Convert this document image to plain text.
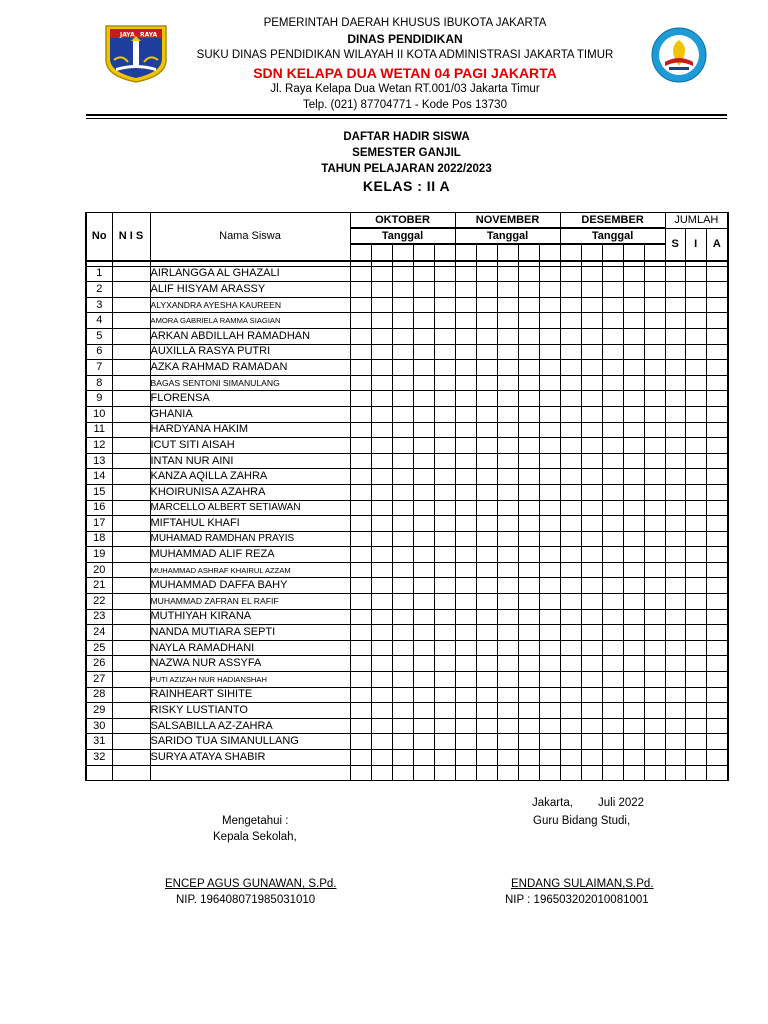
JAYA RAYA
PEMERINTAH DAERAH KHUSUS IBUKOTA JAKARTA
DINAS PENDIDIKAN
SUKU DINAS PENDIDIKAN WILAYAH II KOTA ADMINISTRASI JAKARTA TIMUR
SDN KELAPA DUA WETAN 04 PAGI JAKARTA
Jl. Raya Kelapa Dua Wetan RT.001/03 Jakarta Timur
Telp. (021) 87704771 - Kode Pos 13730
DAFTAR HADIR SISWA
SEMESTER GANJIL
TAHUN PELAJARAN 2022/2023
KELAS : II A
No	N I S	Nama Siswa	OKTOBER					NOVEMBER					DESEMBER					JUMLAH		
			Tanggal					Tanggal					Tanggal					S	I	A

1		AIRLANGGA AL GHAZALI																		
2		ALIF HISYAM ARASSY																		
3		ALYXANDRA AYESHA KAUREEN																		
4		AMORA GABRIELA RAMMA SIAGIAN																		
5		ARKAN ABDILLAH RAMADHAN																		
6		AUXILLA RASYA PUTRI																		
7		AZKA RAHMAD RAMADAN																		
8		BAGAS SENTONI SIMANULANG																		
9		FLORENSA																		
10		GHANIA																		
11		HARDYANA HAKIM																		
12		ICUT SITI AISAH																		
13		INTAN NUR AINI																		
14		KANZA AQILLA ZAHRA																		
15		KHOIRUNISA AZAHRA																		
16		MARCELLO ALBERT SETIAWAN																		
17		MIFTAHUL KHAFI																		
18		MUHAMAD RAMDHAN PRAYIS																		
19		MUHAMMAD ALIF REZA																		
20		MUHAMMAD ASHRAF KHAIRUL AZZAM																		
21		MUHAMMAD DAFFA BAHY																		
22		MUHAMMAD ZAFRAN EL RAFIF																		
23		MUTHIYAH KIRANA																		
24		NANDA MUTIARA SEPTI																		
25		NAYLA RAMADHANI																		
26		NAZWA NUR ASSYFA																		
27		PUTI AZIZAH NUR HADIANSHAH																		
28		RAINHEART SIHITE																		
29		RISKY LUSTIANTO																		
30		SALSABILLA AZ-ZAHRA																		
31		SARIDO TUA SIMANULLANG																		
32		SURYA ATAYA SHABIR																		

Jakarta, Juli 2022
Mengetahui :
Kepala Sekolah,
Guru Bidang Studi,
ENCEP AGUS GUNAWAN, S.Pd.
NIP. 196408071985031010
ENDANG SULAIMAN,S.Pd.
NIP : 196503202010081001
